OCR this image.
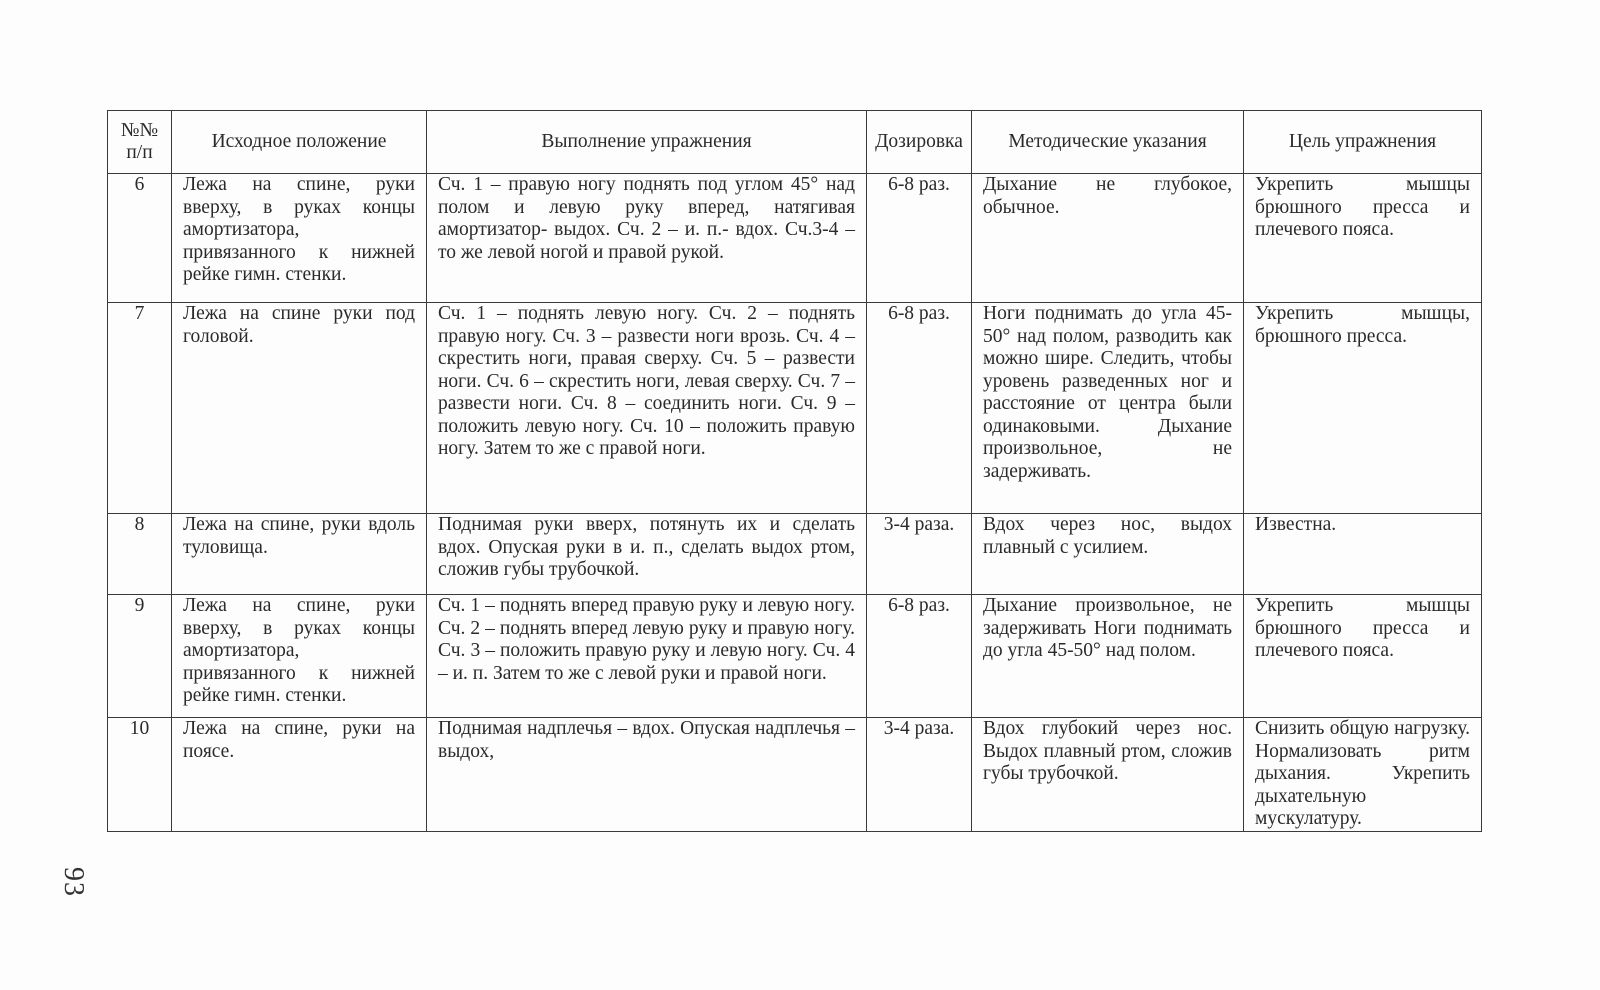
№№ п/п	Исходное положение	Выполнение упражнения	Дозировка	Методические указания	Цель упражнения
6	Лежа на спине, руки вверху, в руках концы амортизатора, привязанного к нижней рейке гимн. стенки.	Сч. 1 – правую ногу поднять под углом 45° над полом и левую руку вперед, натягивая амортизатор- выдох. Сч. 2 – и. п.- вдох. Сч.3-4 – то же левой ногой и правой рукой.	6-8 раз.	Дыхание не глубокое, обычное.	Укрепить мышцы брюшного пресса и плечевого пояса.
7	Лежа на спине руки под головой.	Сч. 1 – поднять левую ногу. Сч. 2 – поднять правую ногу. Сч. 3 – развести ноги врозь. Сч. 4 – скрестить ноги, правая сверху. Сч. 5 – развести ноги. Сч. 6 – скрестить ноги, левая сверху. Сч. 7 – развести ноги. Сч. 8 – соединить ноги. Сч. 9 – положить левую ногу. Сч. 10 – положить правую ногу. Затем то же с правой ноги.	6-8 раз.	Ноги поднимать до угла 45-50° над полом, разводить как можно шире. Следить, чтобы уровень разведенных ног и расстояние от центра были одинаковыми. Дыхание произвольное, не задерживать.	Укрепить мышцы, брюшного пресса.
8	Лежа на спине, руки вдоль туловища.	Поднимая руки вверх, потянуть их и сделать вдох. Опуская руки в и. п., сделать выдох ртом, сложив губы трубочкой.	3-4 раза.	Вдох через нос, выдох плавный с усилием.	Известна.
9	Лежа на спине, руки вверху, в руках концы амортизатора, привязанного к нижней рейке гимн. стенки.	Сч. 1 – поднять вперед правую руку и левую ногу. Сч. 2 – поднять вперед левую руку и правую ногу. Сч. 3 – положить правую руку и левую ногу. Сч. 4 – и. п. Затем то же с левой руки и правой ноги.	6-8 раз.	Дыхание произвольное, не задерживать Ноги поднимать до угла 45-50° над полом.	Укрепить мышцы брюшного пресса и плечевого пояса.
10	Лежа на спине, руки на поясе.	Поднимая надплечья – вдох. Опуская надплечья – выдох,	3-4 раза.	Вдох глубокий через нос. Выдох плавный ртом, сложив губы трубочкой.	Снизить общую нагрузку. Нормализовать ритм дыхания. Укрепить дыхательную мускулатуру.
93
